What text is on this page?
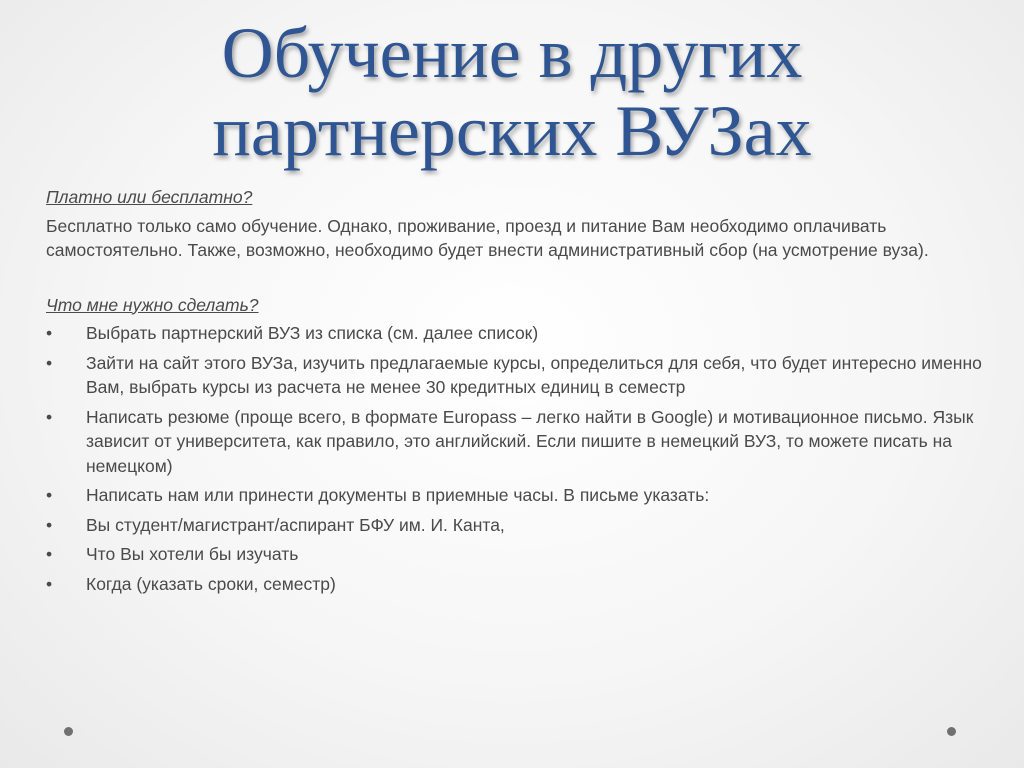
Обучение в других
партнерских ВУЗах

Платно или бесплатно?

Бесплатно только само обучение. Однако, проживание, проезд и питание Вам необходимо оплачивать самостоятельно. Также, возможно, необходимо будет внести административный сбор (на усмотрение вуза).

Что мне нужно сделать?

• Выбрать партнерский ВУЗ из списка (см. далее список)
• Зайти на сайт этого ВУЗа, изучить предлагаемые курсы, определиться для себя, что будет интересно именно Вам, выбрать курсы из расчета не менее 30 кредитных единиц в семестр
• Написать резюме (проще всего, в формате Europass – легко найти в Google) и мотивационное письмо. Язык зависит от университета, как правило, это английский. Если пишите в немецкий ВУЗ, то можете писать на немецком)
• Написать нам или принести документы в приемные часы. В письме указать:
• Вы студент/магистрант/аспирант БФУ им. И. Канта,
• Что Вы хотели бы изучать
• Когда (указать сроки, семестр)
